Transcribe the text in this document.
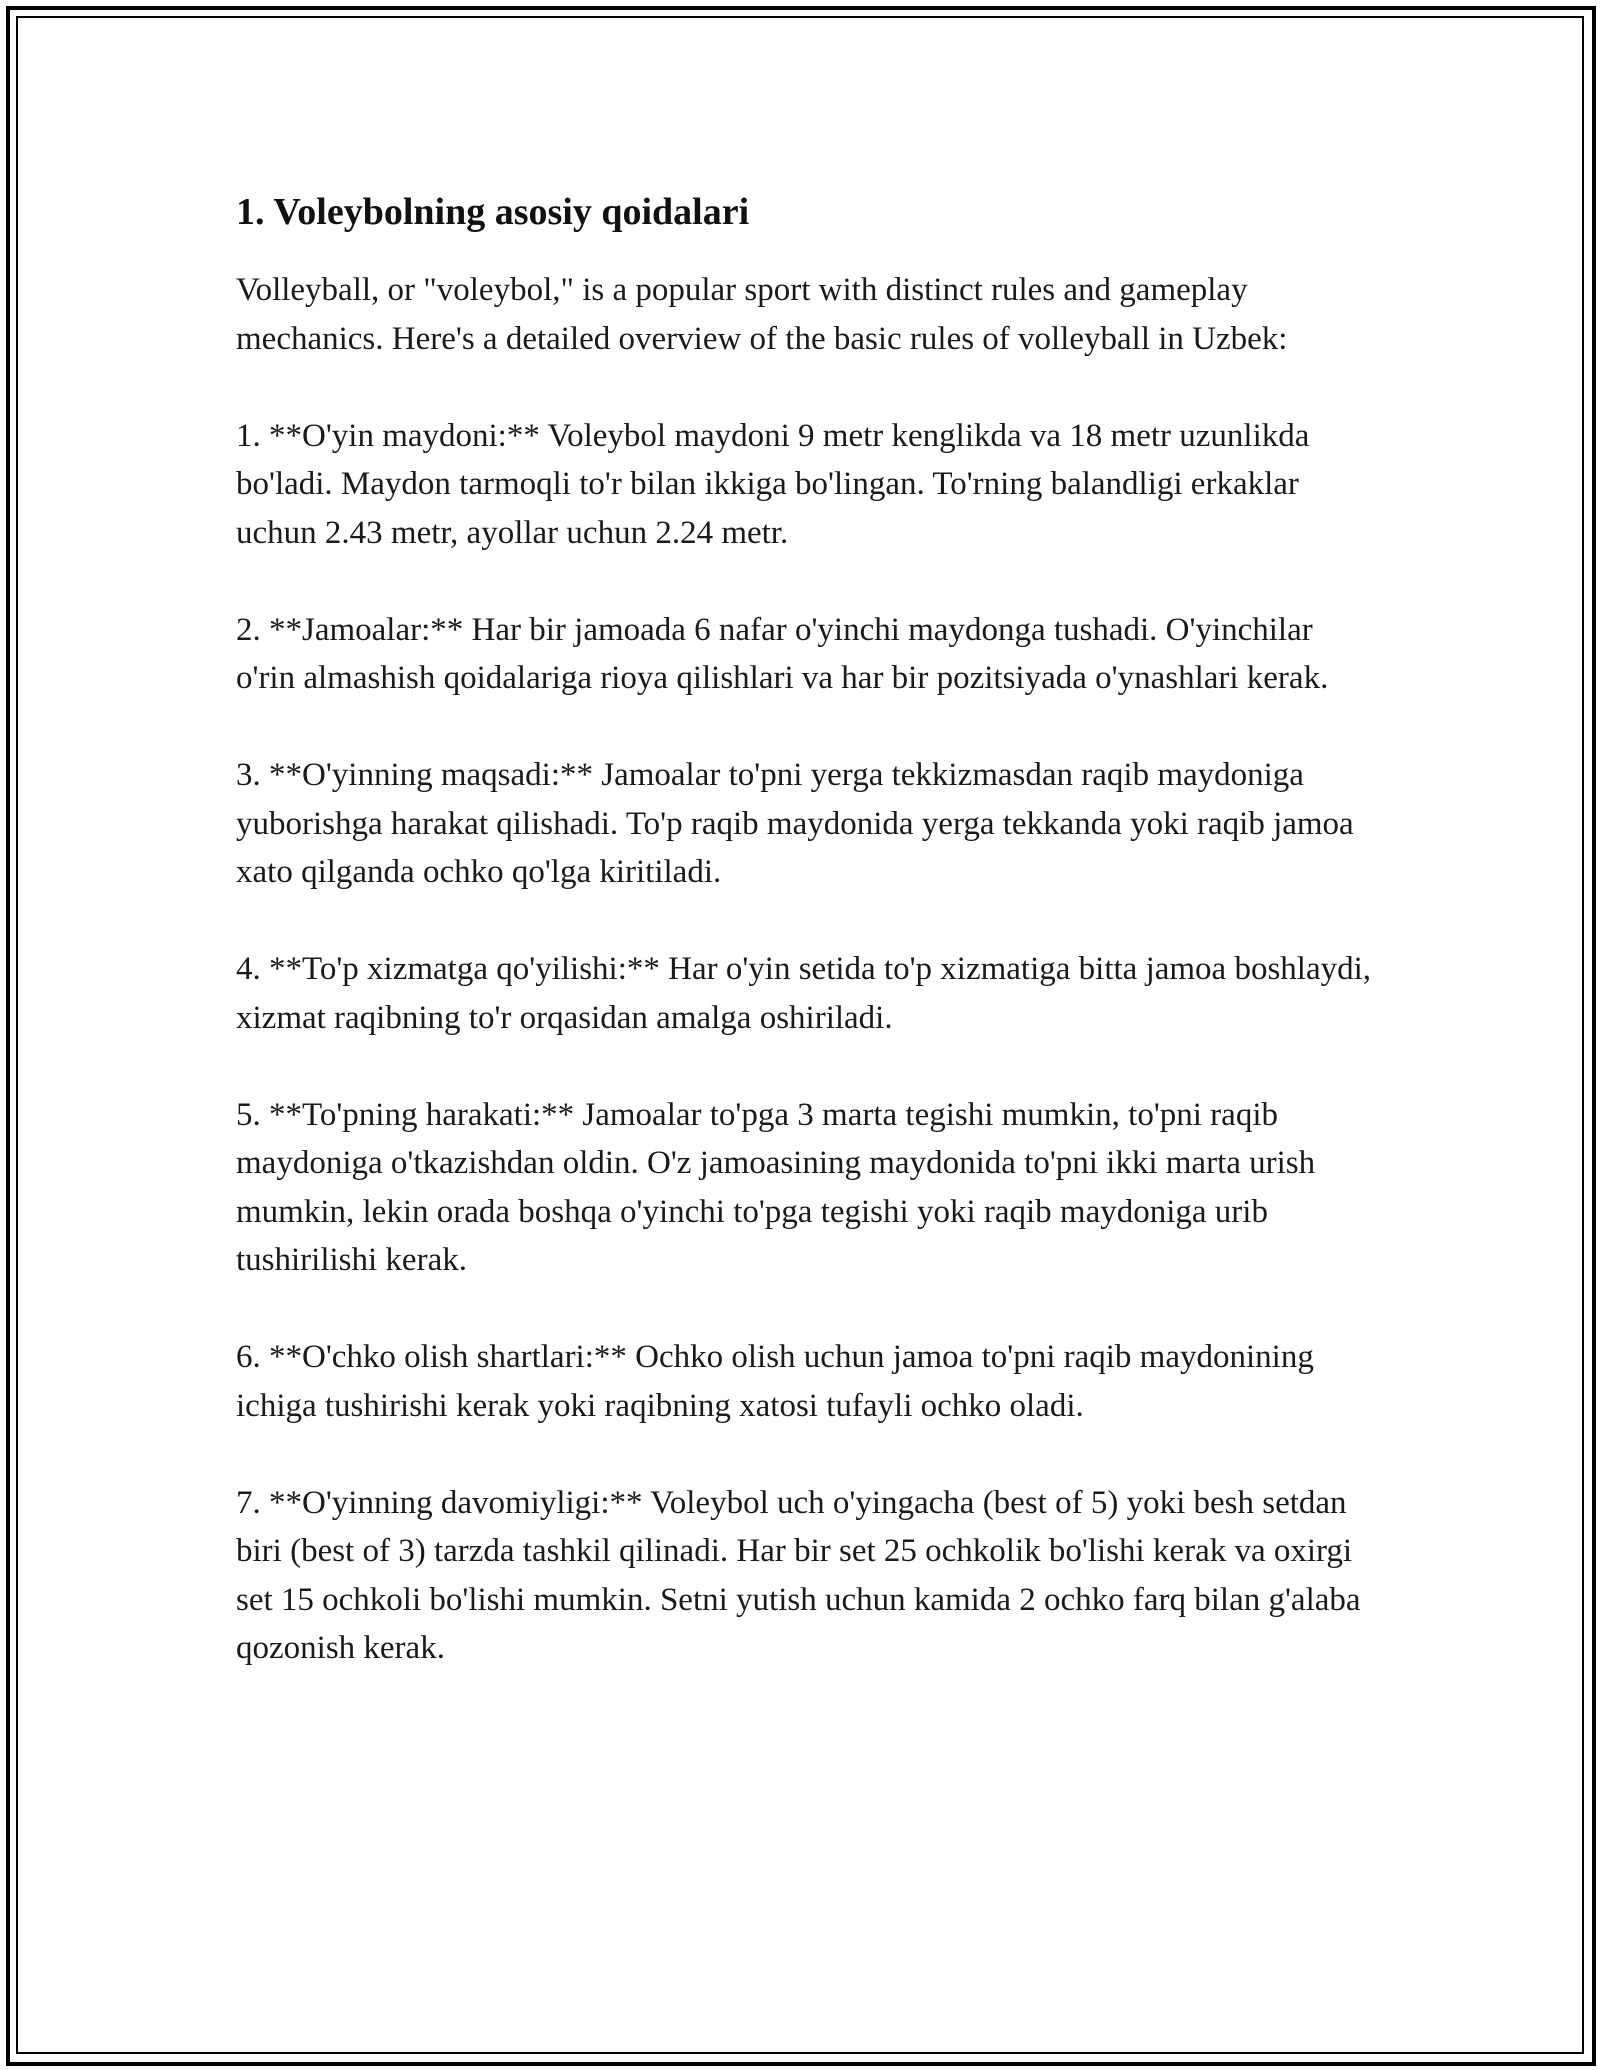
1. Voleybolning asosiy qoidalari

Volleyball, or "voleybol," is a popular sport with distinct rules and gameplay mechanics. Here's a detailed overview of the basic rules of volleyball in Uzbek:

1. **O'yin maydoni:** Voleybol maydoni 9 metr kenglikda va 18 metr uzunlikda bo'ladi. Maydon tarmoqli to'r bilan ikkiga bo'lingan. To'rning balandligi erkaklar uchun 2.43 metr, ayollar uchun 2.24 metr.

2. **Jamoalar:** Har bir jamoada 6 nafar o'yinchi maydonga tushadi. O'yinchilar o'rin almashish qoidalariga rioya qilishlari va har bir pozitsiyada o'ynashlari kerak.

3. **O'yinning maqsadi:** Jamoalar to'pni yerga tekkizmasdan raqib maydoniga yuborishga harakat qilishadi. To'p raqib maydonida yerga tekkanda yoki raqib jamoa xato qilganda ochko qo'lga kiritiladi.

4. **To'p xizmatga qo'yilishi:** Har o'yin setida to'p xizmatiga bitta jamoa boshlaydi, xizmat raqibning to'r orqasidan amalga oshiriladi.

5. **To'pning harakati:** Jamoalar to'pga 3 marta tegishi mumkin, to'pni raqib maydoniga o'tkazishdan oldin. O'z jamoasining maydonida to'pni ikki marta urish mumkin, lekin orada boshqa o'yinchi to'pga tegishi yoki raqib maydoniga urib tushirilishi kerak.

6. **O'chko olish shartlari:** Ochko olish uchun jamoa to'pni raqib maydonining ichiga tushirishi kerak yoki raqibning xatosi tufayli ochko oladi.

7. **O'yinning davomiyligi:** Voleybol uch o'yingacha (best of 5) yoki besh setdan biri (best of 3) tarzda tashkil qilinadi. Har bir set 25 ochkolik bo'lishi kerak va oxirgi set 15 ochkoli bo'lishi mumkin. Setni yutish uchun kamida 2 ochko farq bilan g'alaba qozonish kerak.
